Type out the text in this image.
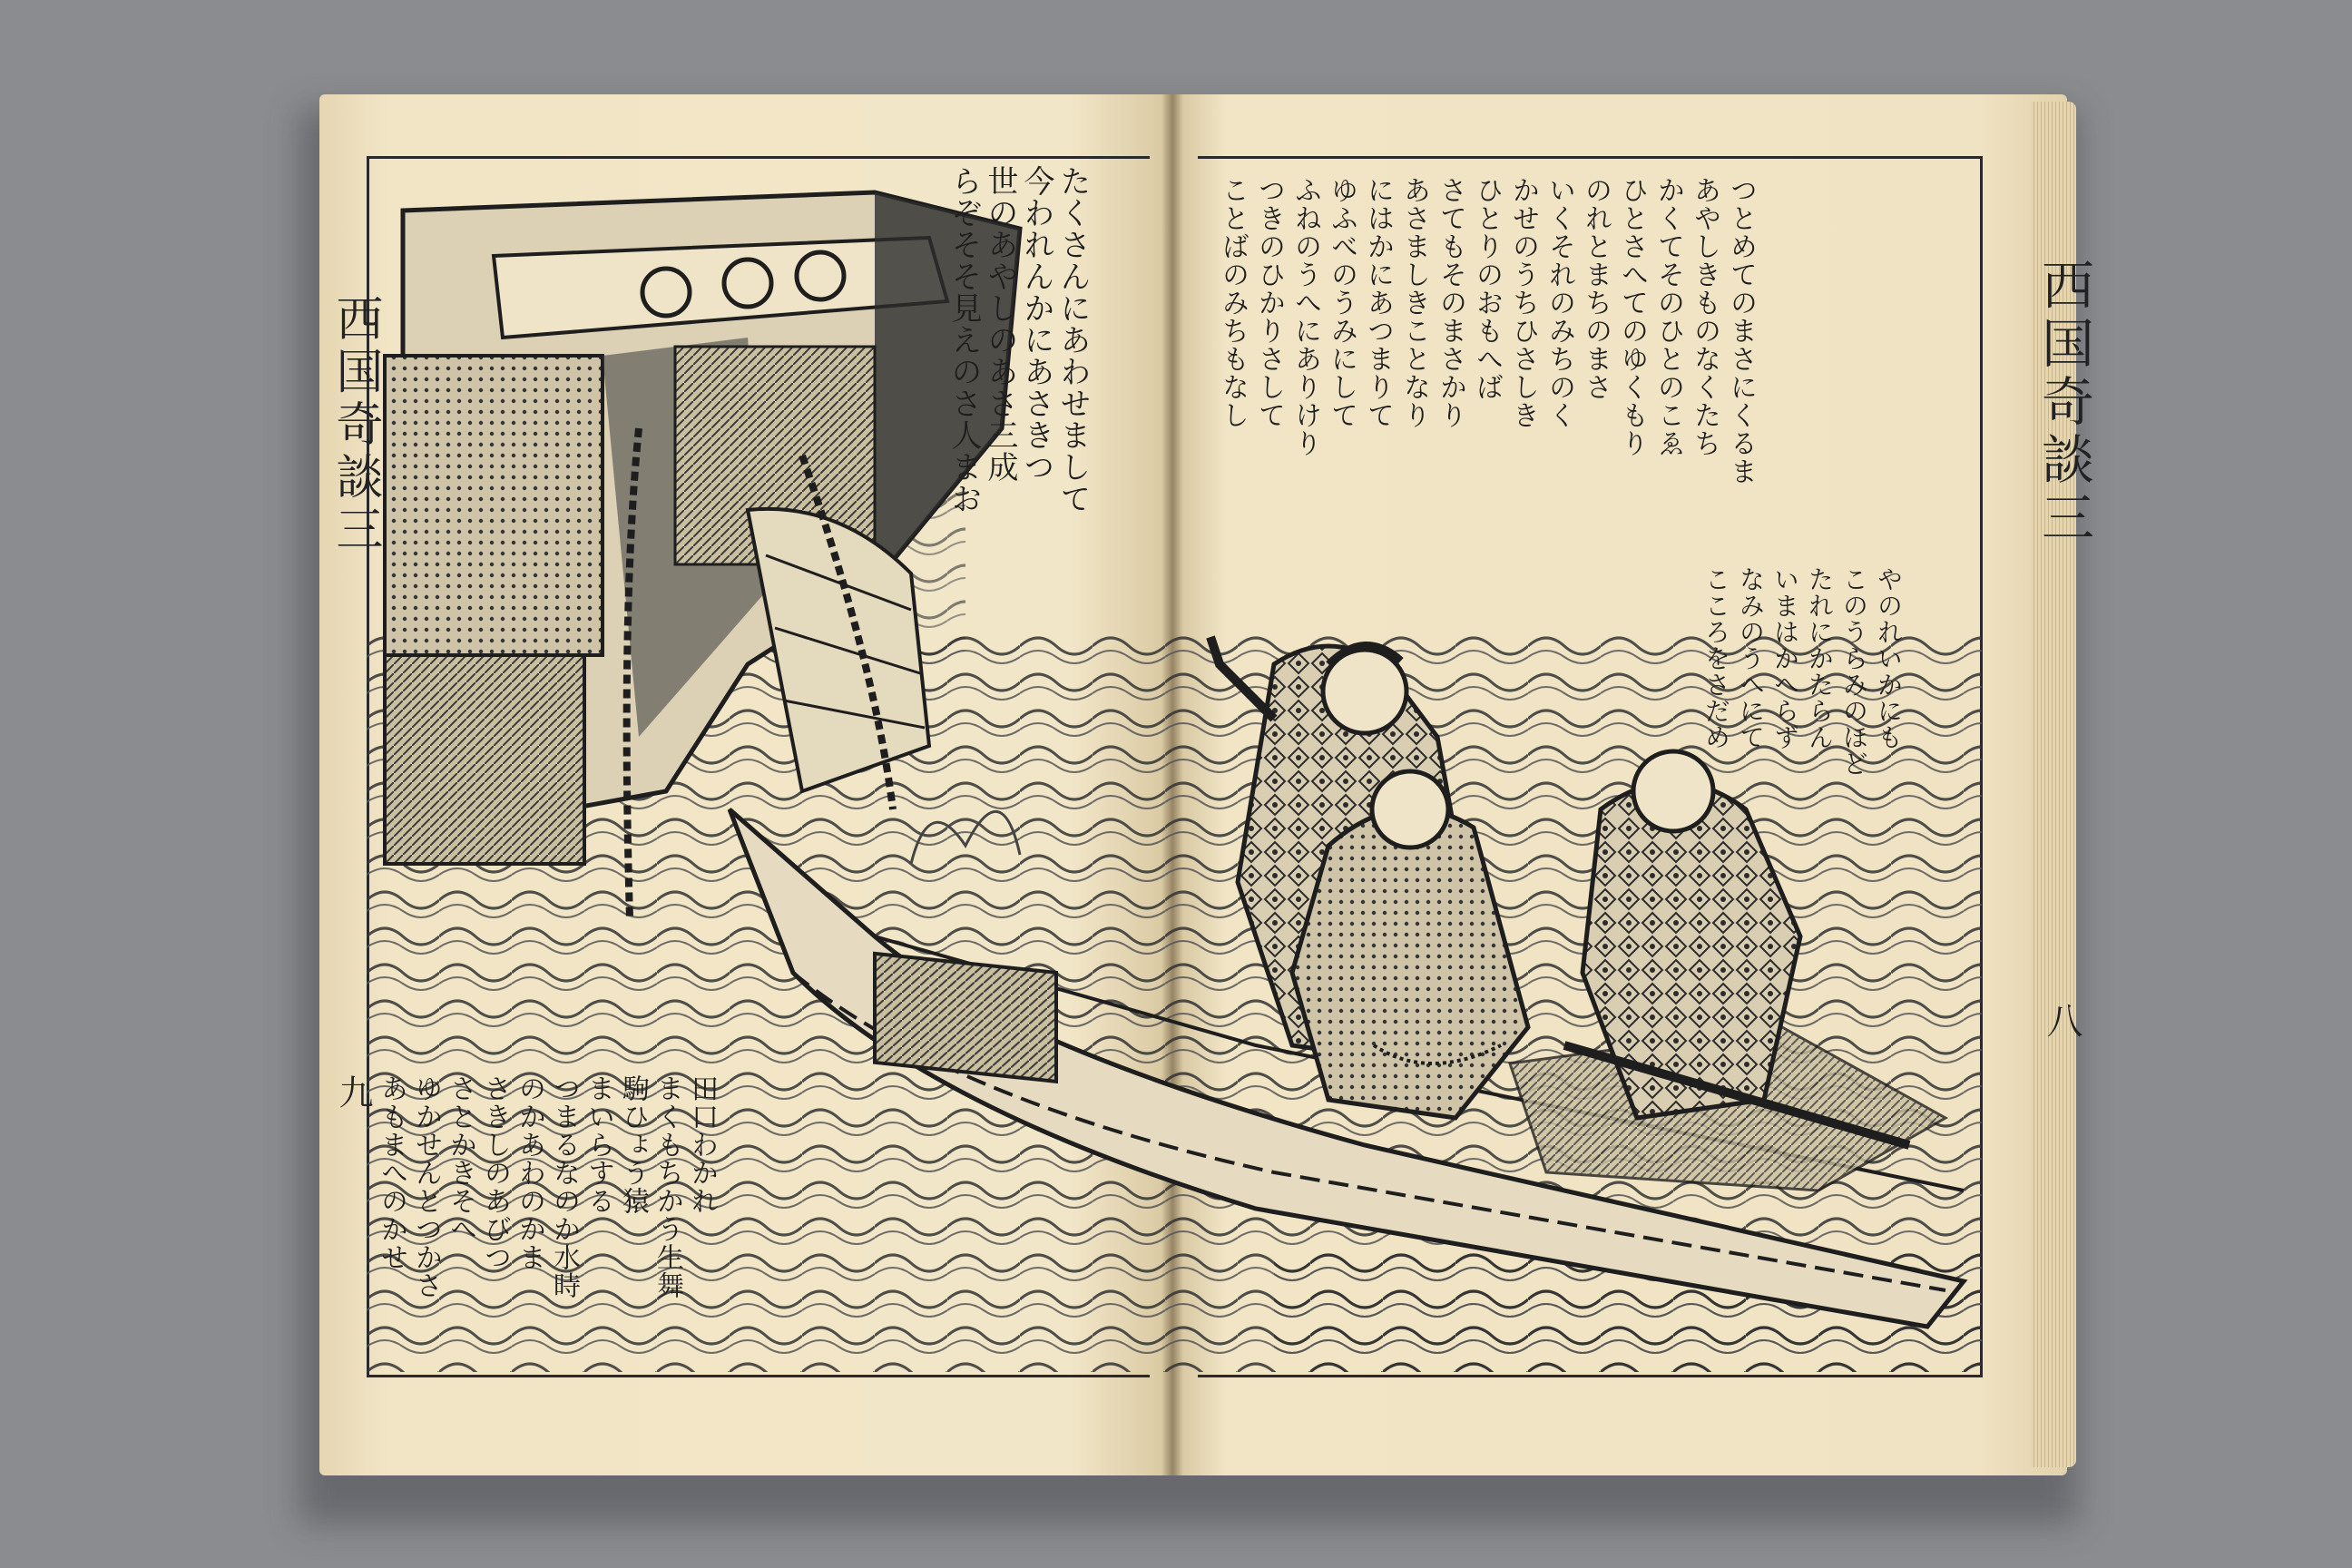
たくさんにあわせまして
今われんかにあさきつ
世のあやしのあさ三成
らぞそそ見えのさ人まお
田口わかれ
まくもちかう生舞
駒ひょう猿
まいらする
つまるなのか水時
のかあわのかま
さきしのあびつ
さとかきそへ
ゆかせんとつかさ
あもまへのかせ
つとめてのまさにくるま
あやしきものなくたち
かくてそのひとのこゑ
ひとさへてのゆくもり
のれとまちのまさ
いくそれのみちのく
かせのうちひさしき
ひとりのおもへば
さてもそのまさかり
あさましきことなり
にはかにあつまりて
ゆふべのうみにして
ふねのうへにありけり
つきのひかりさして
ことばのみちもなし
やのれいかにも
このうらみのほど
たれにかたらん
いまはかへらず
なみのうへにて
こころをさだめ
西国奇談三	西国奇談三
九
八
